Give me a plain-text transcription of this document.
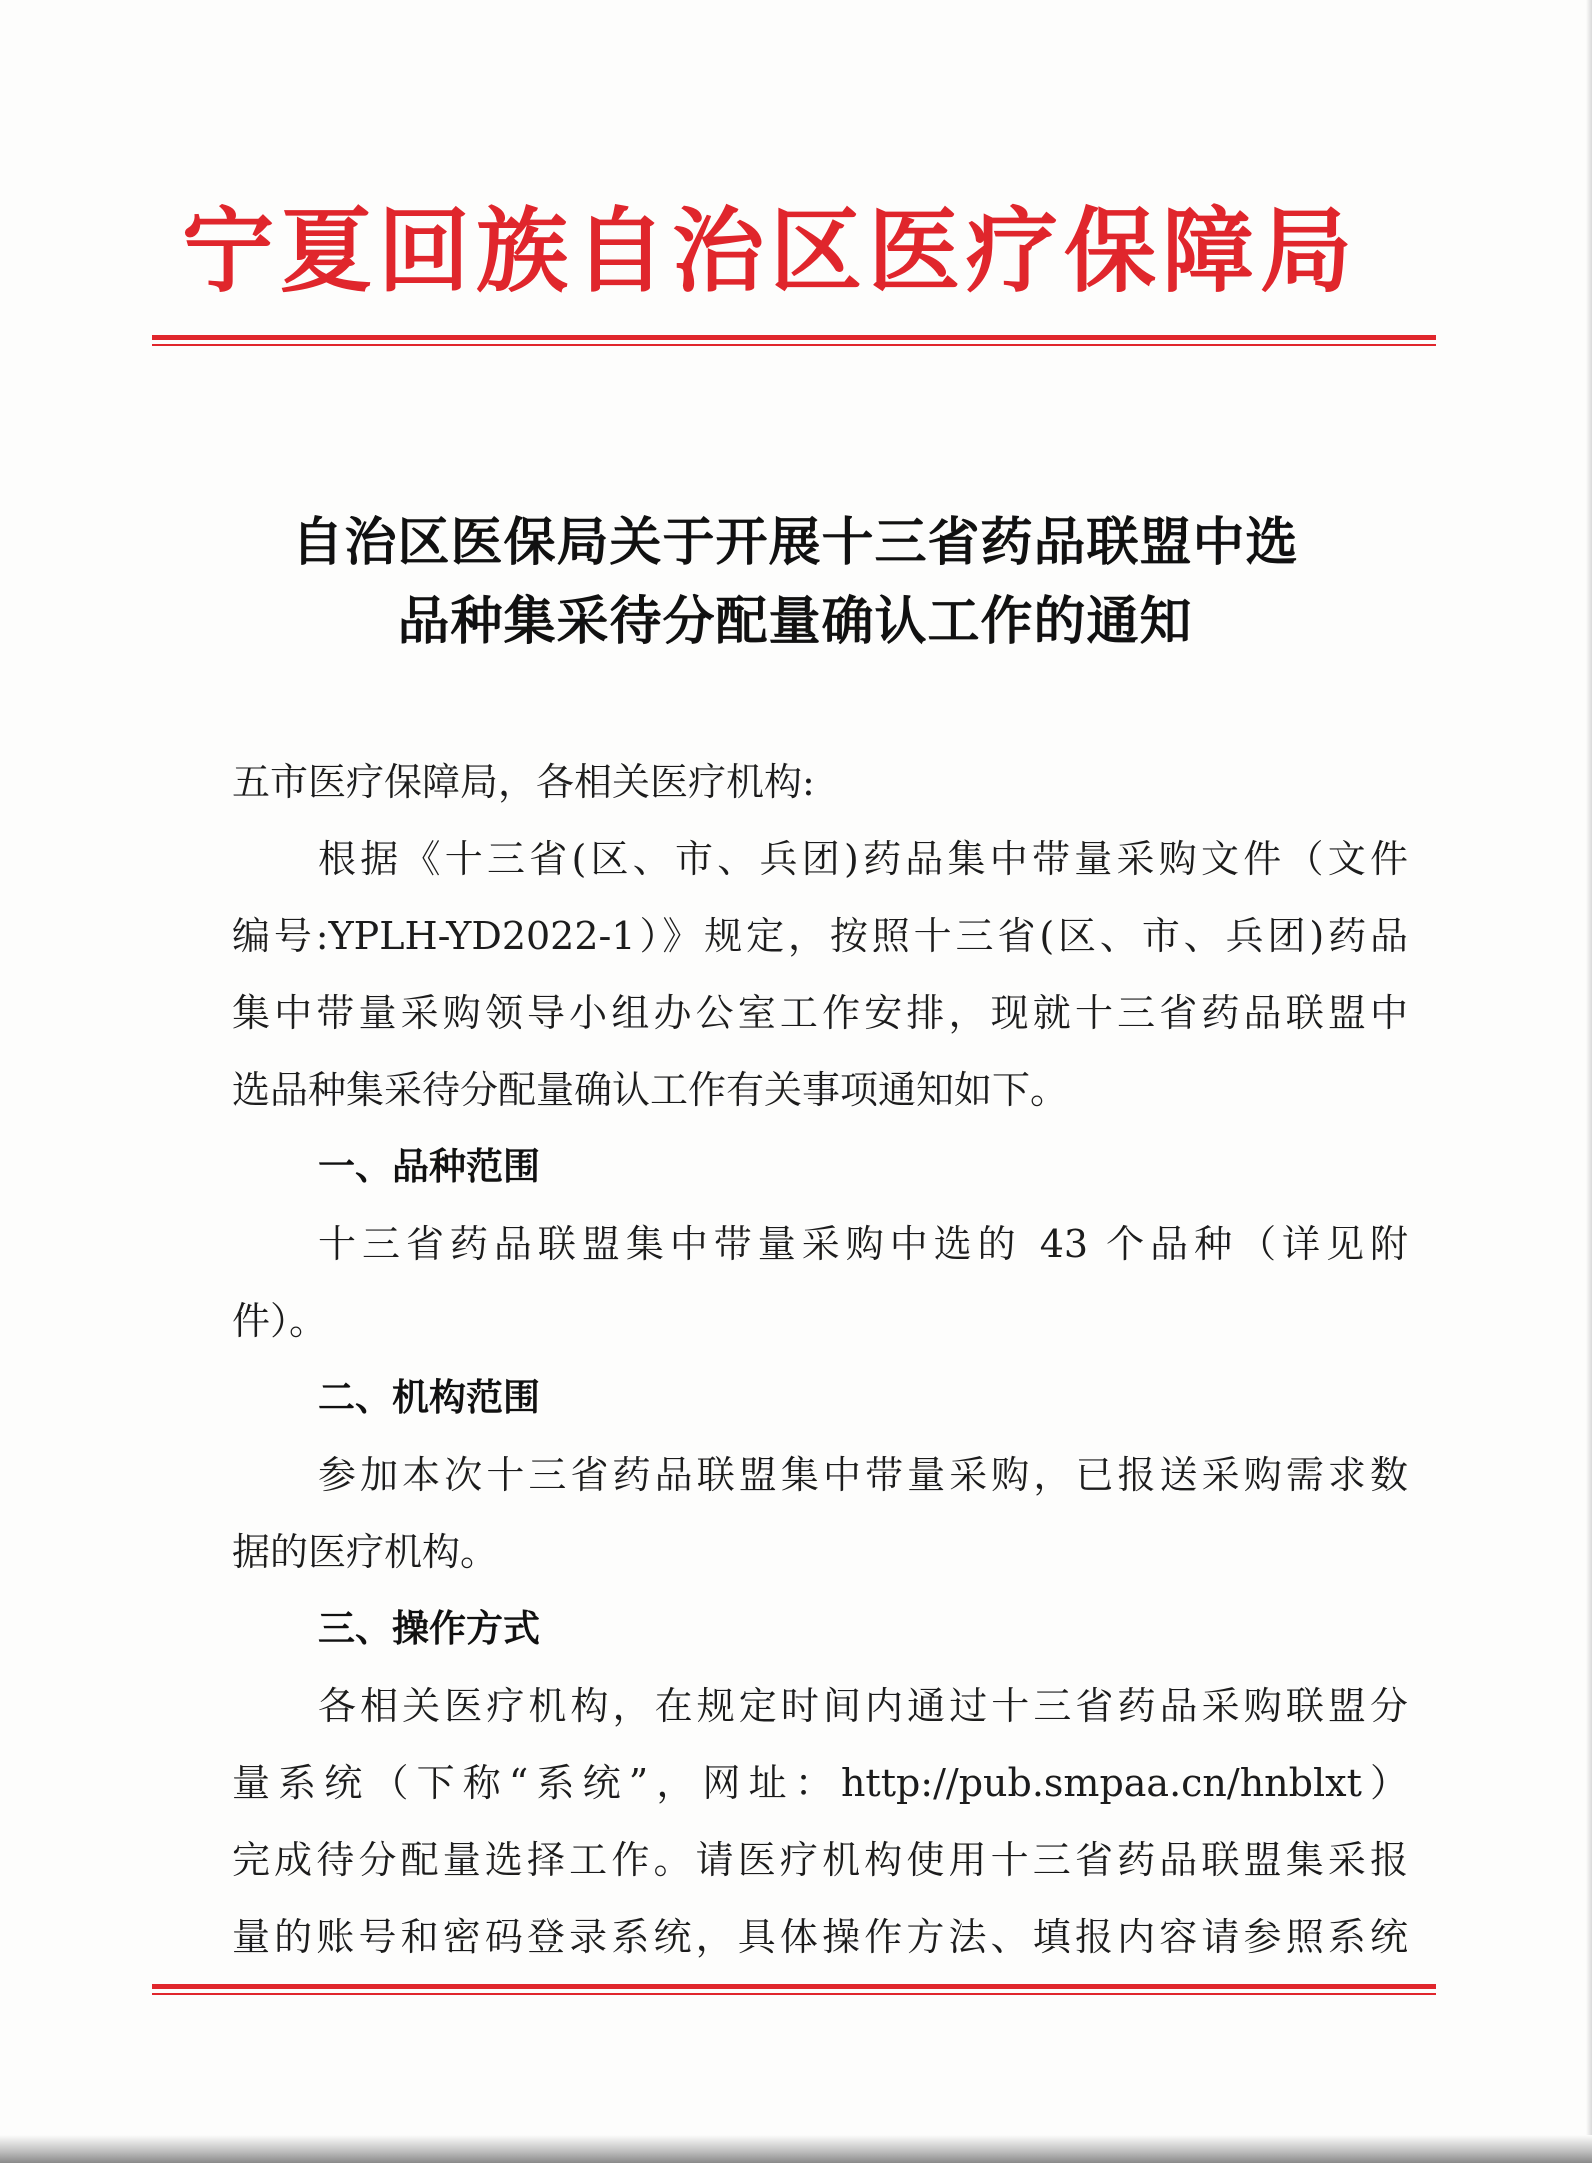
宁夏回族自治区医疗保障局
自治区医保局关于开展十三省药品联盟中选
品种集采待分配量确认工作的通知
五市医疗保障局，各相关医疗机构:
根据《十三省(区、市、兵团)药品集中带量采购文件（文件
编号:YPLH-YD2022-1）》规定，按照十三省(区、市、兵团)药品
集中带量采购领导小组办公室工作安排，现就十三省药品联盟中
选品种集采待分配量确认工作有关事项通知如下。
一、品种范围
十三省药品联盟集中带量采购中选的 43 个品种（详见附
件）。
二、机构范围
参加本次十三省药品联盟集中带量采购，已报送采购需求数
据的医疗机构。
三、操作方式
各相关医疗机构，在规定时间内通过十三省药品采购联盟分
量系统（下称“系统”，网址：http://pub.smpaa.cn/hnblxt）
完成待分配量选择工作。请医疗机构使用十三省药品联盟集采报
量的账号和密码登录系统，具体操作方法、填报内容请参照系统
